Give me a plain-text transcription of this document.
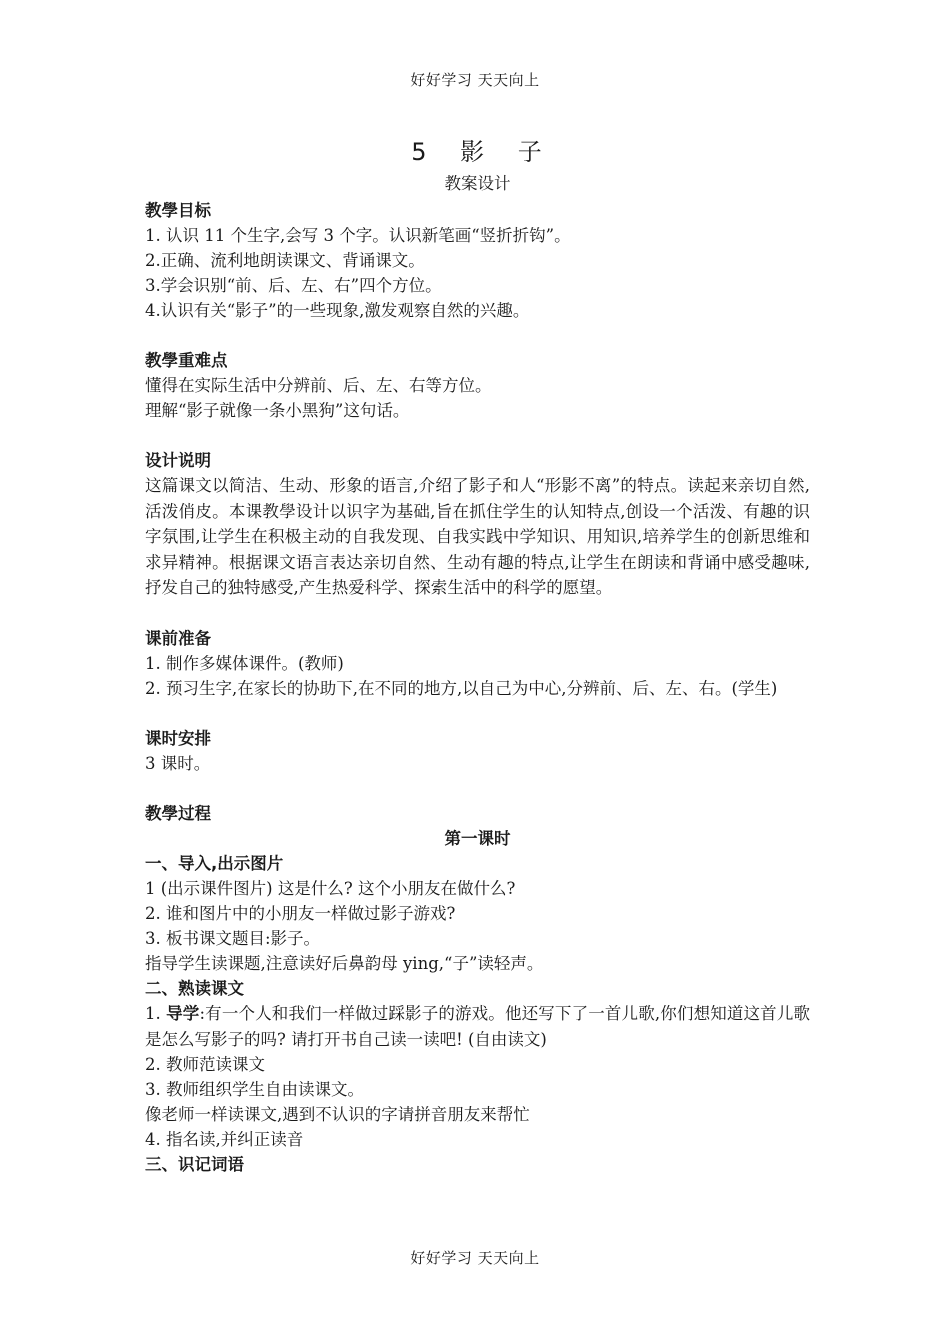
好好学习 天天向上
5 影 子
教案设计
教學目标
1. 认识 11 个生字,会写 3 个字。认识新笔画“竖折折钩”。
2.正确、流利地朗读课文、背诵课文。
3.学会识别“前、后、左、右”四个方位。
4.认识有关“影子”的一些现象,激发观察自然的兴趣。
教學重难点
懂得在实际生活中分辨前、后、左、右等方位。
理解“影子就像一条小黑狗”这句话。
设计说明

这篇课文以简洁、生动、形象的语言,介绍了影子和人“形影不离”的特点。读起来亲切自然,活泼俏皮。本课教學设计以识字为基础,旨在抓住学生的认知特点,创设一个活泼、有趣的识字氛围,让学生在积极主动的自我发现、自我实践中学知识、用知识,培养学生的创新思维和求异精神。根据课文语言表达亲切自然、生动有趣的特点,让学生在朗读和背诵中感受趣味,抒发自己的独特感受,产生热爱科学、探索生活中的科学的愿望。

课前准备
1. 制作多媒体课件。(教师)

2. 预习生字,在家长的协助下,在不同的地方,以自己为中心,分辨前、后、左、右。(学生)

课时安排
3 课时。
教學过程
第一课时
一、导入,出示图片
1 (出示课件图片) 这是什么? 这个小朋友在做什么?
2. 谁和图片中的小朋友一样做过影子游戏?
3. 板书课文题目:影子。
指导学生读课题,注意读好后鼻韵母 ying,“子”读轻声。
二、熟读课文

1. 导学:有一个人和我们一样做过踩影子的游戏。他还写下了一首儿歌,你们想知道这首儿歌是怎么写影子的吗? 请打开书自己读一读吧! (自由读文)

2. 教师范读课文
3. 教师组织学生自由读课文。
像老师一样读课文,遇到不认识的字请拼音朋友来帮忙
4. 指名读,并纠正读音
三、识记词语
好好学习 天天向上
